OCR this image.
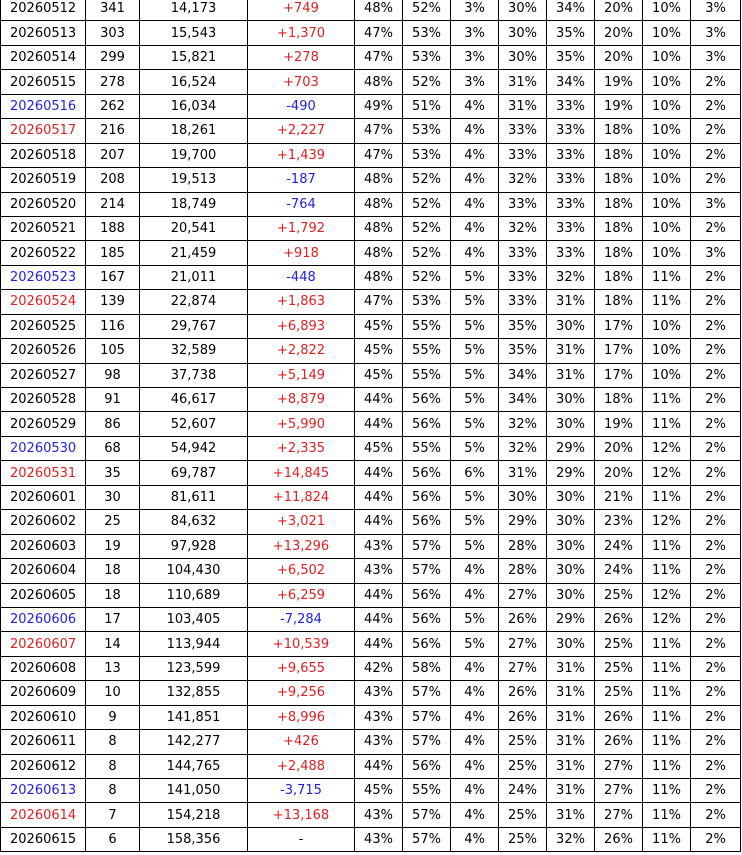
20260512	341	14,173	+749	48%	52%	3%	30%	34%	20%	10%	3%
20260513	303	15,543	+1,370	47%	53%	3%	30%	35%	20%	10%	3%
20260514	299	15,821	+278	47%	53%	3%	30%	35%	20%	10%	3%
20260515	278	16,524	+703	48%	52%	3%	31%	34%	19%	10%	2%
20260516	262	16,034	-490	49%	51%	4%	31%	33%	19%	10%	2%
20260517	216	18,261	+2,227	47%	53%	4%	33%	33%	18%	10%	2%
20260518	207	19,700	+1,439	47%	53%	4%	33%	33%	18%	10%	2%
20260519	208	19,513	-187	48%	52%	4%	32%	33%	18%	10%	2%
20260520	214	18,749	-764	48%	52%	4%	33%	33%	18%	10%	3%
20260521	188	20,541	+1,792	48%	52%	4%	32%	33%	18%	10%	2%
20260522	185	21,459	+918	48%	52%	4%	33%	33%	18%	10%	3%
20260523	167	21,011	-448	48%	52%	5%	33%	32%	18%	11%	2%
20260524	139	22,874	+1,863	47%	53%	5%	33%	31%	18%	11%	2%
20260525	116	29,767	+6,893	45%	55%	5%	35%	30%	17%	10%	2%
20260526	105	32,589	+2,822	45%	55%	5%	35%	31%	17%	10%	2%
20260527	98	37,738	+5,149	45%	55%	5%	34%	31%	17%	10%	2%
20260528	91	46,617	+8,879	44%	56%	5%	34%	30%	18%	11%	2%
20260529	86	52,607	+5,990	44%	56%	5%	32%	30%	19%	11%	2%
20260530	68	54,942	+2,335	45%	55%	5%	32%	29%	20%	12%	2%
20260531	35	69,787	+14,845	44%	56%	6%	31%	29%	20%	12%	2%
20260601	30	81,611	+11,824	44%	56%	5%	30%	30%	21%	11%	2%
20260602	25	84,632	+3,021	44%	56%	5%	29%	30%	23%	12%	2%
20260603	19	97,928	+13,296	43%	57%	5%	28%	30%	24%	11%	2%
20260604	18	104,430	+6,502	43%	57%	4%	28%	30%	24%	11%	2%
20260605	18	110,689	+6,259	44%	56%	4%	27%	30%	25%	12%	2%
20260606	17	103,405	-7,284	44%	56%	5%	26%	29%	26%	12%	2%
20260607	14	113,944	+10,539	44%	56%	5%	27%	30%	25%	11%	2%
20260608	13	123,599	+9,655	42%	58%	4%	27%	31%	25%	11%	2%
20260609	10	132,855	+9,256	43%	57%	4%	26%	31%	25%	11%	2%
20260610	9	141,851	+8,996	43%	57%	4%	26%	31%	26%	11%	2%
20260611	8	142,277	+426	43%	57%	4%	25%	31%	26%	11%	2%
20260612	8	144,765	+2,488	44%	56%	4%	25%	31%	27%	11%	2%
20260613	8	141,050	-3,715	45%	55%	4%	24%	31%	27%	11%	2%
20260614	7	154,218	+13,168	43%	57%	4%	25%	31%	27%	11%	2%
20260615	6	158,356	-	43%	57%	4%	25%	32%	26%	11%	2%
